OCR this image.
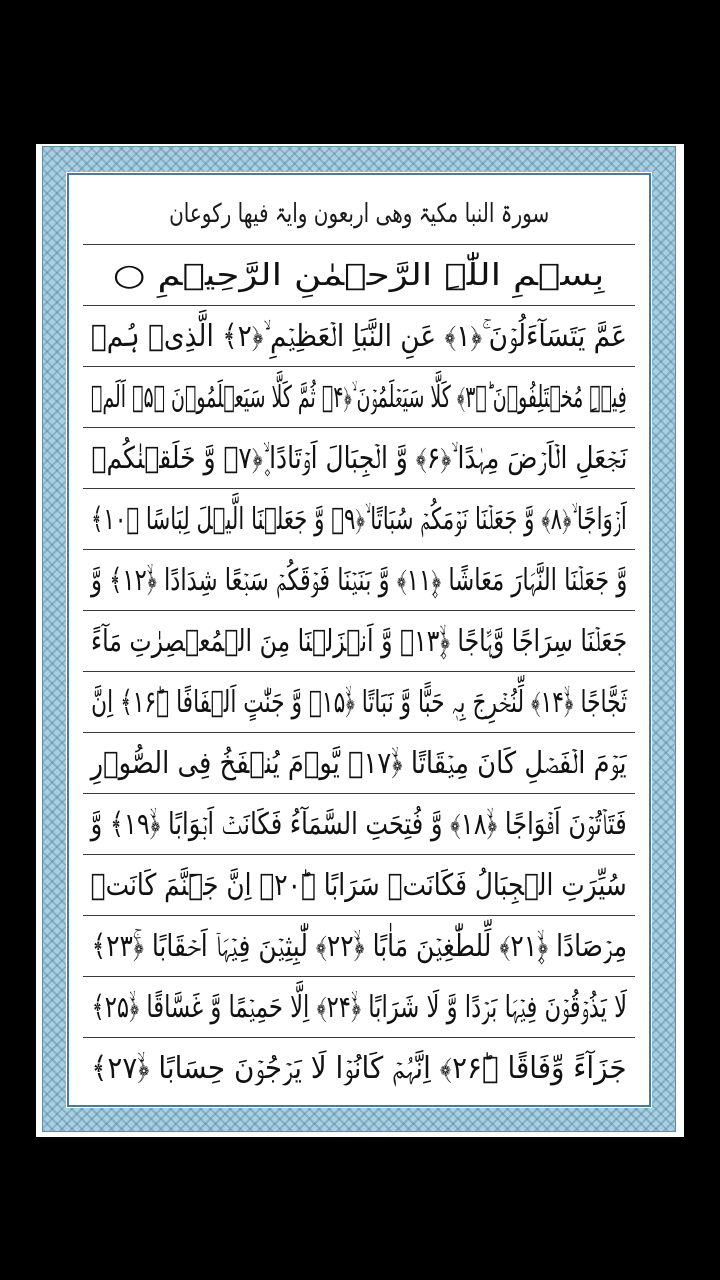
سورۃ النبا مکیۃ وھی اربعون وایۃ فیھا رکوعان
بِسۡمِ اللّٰہِ الرَّحۡمٰنِ الرَّحِیۡمِ ○
عَمَّ یَتَسَآءَلُوۡنَ ۚ﴿۱﴾ عَنِ النَّبَاِ الۡعَظِیۡمِ ۙ﴿۲﴾ الَّذِیۡ ہُمۡ
فِیۡہِ مُخۡتَلِفُوۡنَ ؕ﴿۳﴾ کَلَّا سَیَعۡلَمُوۡنَ ۙ﴿۴﴾ ثُمَّ کَلَّا سَیَعۡلَمُوۡنَ ﴿۵﴾ اَلَمۡ
نَجۡعَلِ الۡاَرۡضَ مِہٰدًا ۙ﴿۶﴾ وَّ الۡجِبَالَ اَوۡتَادًا ۪ۙ﴿۷﴾ وَّ خَلَقۡنٰکُمۡ
اَزۡوَاجًا ۙ﴿۸﴾ وَّ جَعَلۡنَا نَوۡمَکُمۡ سُبَاتًا ۙ﴿۹﴾ وَّ جَعَلۡنَا الَّیۡلَ لِبَاسًا ﴿۱۰﴾
وَّ جَعَلۡنَا النَّہَارَ مَعَاشًا ﴿۪۱۱﴾ وَّ بَنَیۡنَا فَوۡقَکُمۡ سَبۡعًا شِدَادًا ﴿ۙ۱۲﴾ وَّ
جَعَلۡنَا سِرَاجًا وَّہَّاجًا ﴿۪ۙ۱۳﴾ وَّ اَنۡزَلۡنَا مِنَ الۡمُعۡصِرٰتِ مَآءً
ثَجَّاجًا ﴿ۙ۱۴﴾ لِّنُخۡرِجَ بِہٖ حَبًّا وَّ نَبَاتًا ﴿ۙ۱۵﴾ وَّ جَنّٰتٍ اَلۡفَافًا ﴿ؕ۱۶﴾ اِنَّ
یَوۡمَ الۡفَصۡلِ کَانَ مِیۡقَاتًا ﴿ۙ۱۷﴾ یَّوۡمَ یُنۡفَخُ فِی الصُّوۡرِ
فَتَاۡتُوۡنَ اَفۡوَاجًا ﴿ۙ۱۸﴾ وَّ فُتِحَتِ السَّمَآءُ فَکَانَتۡ اَبۡوَابًا ﴿ۙ۱۹﴾ وَّ
سُیِّرَتِ الۡجِبَالُ فَکَانَتۡ سَرَابًا ﴿ؕ۲۰﴾ اِنَّ جَہَنَّمَ کَانَتۡ
مِرۡصَادًا ﴿۪ۙ۲۱﴾ لِّلطّٰغِیۡنَ مَاٰبًا ﴿ۙ۲۲﴾ لّٰبِثِیۡنَ فِیۡہَاۤ اَحۡقَابًا ﴿ۚ۲۳﴾
لَا یَذُوۡقُوۡنَ فِیۡہَا بَرۡدًا وَّ لَا شَرَابًا ﴿ۙ۲۴﴾ اِلَّا حَمِیۡمًا وَّ غَسَّاقًا ﴿ۙ۲۵﴾
جَزَآءً وِّفَاقًا ﴿ؕ۲۶﴾ اِنَّہُمۡ کَانُوۡا لَا یَرۡجُوۡنَ حِسَابًا ﴿ۙ۲۷﴾
